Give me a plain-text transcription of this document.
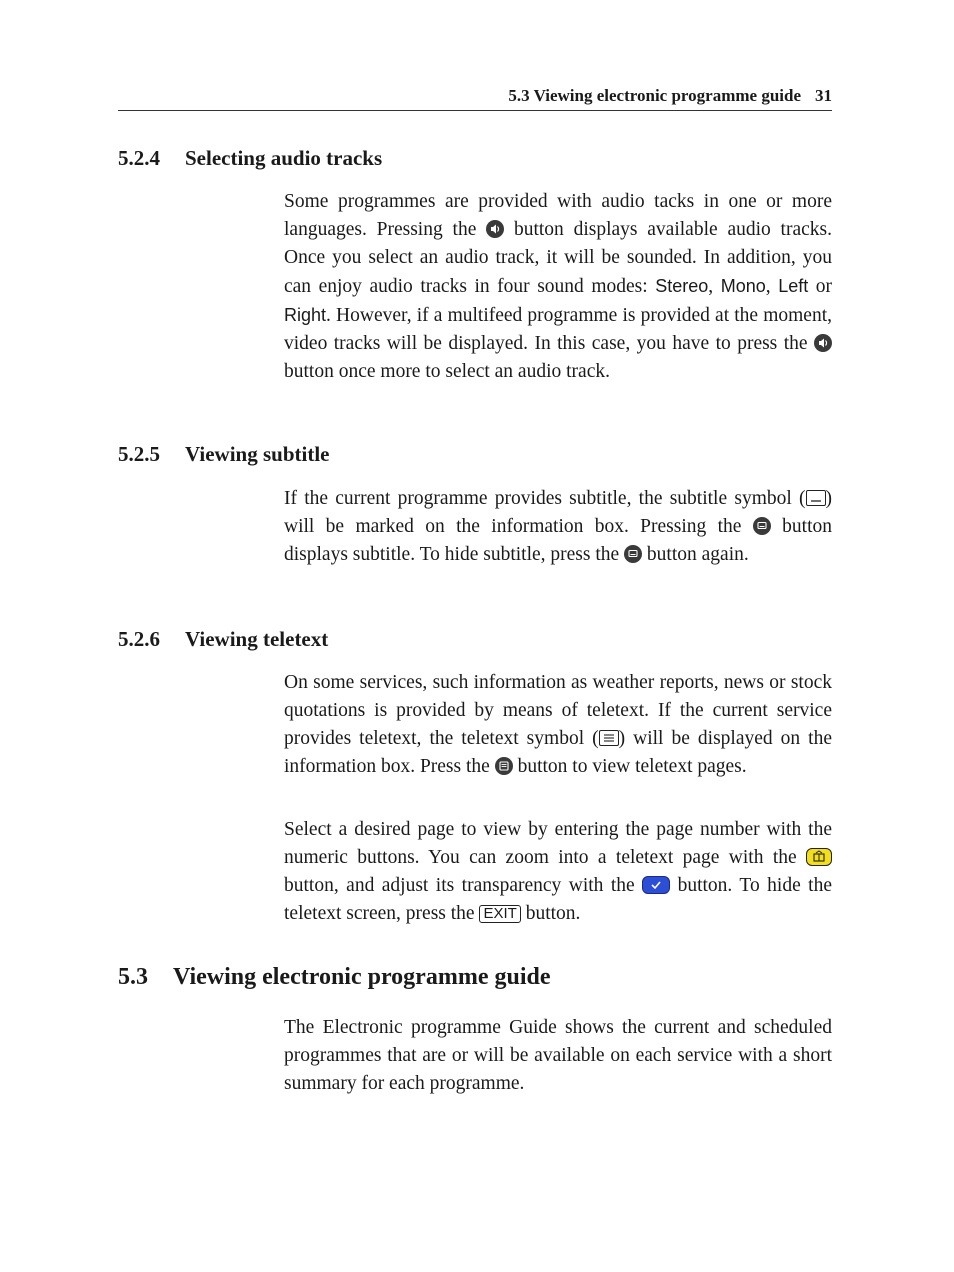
5.3 Viewing electronic programme guide 31
5.2.4 Selecting audio tracks

Some programmes are provided with audio tacks in one or more languages. Pressing the button displays available audio tracks. Once you select an audio track, it will be sounded. In addition, you can enjoy audio tracks in four sound modes: Stereo, Mono, Left or Right. However, if a multifeed programme is provided at the moment, video tracks will be displayed. In this case, you have to press the
button once more to select an audio track.

5.2.5 Viewing subtitle

If the current programme provides subtitle, the subtitle symbol ( ) will be marked on the information box. Pressing the button displays subtitle. To hide subtitle, press the button again.

5.2.6 Viewing teletext

On some services, such information as weather reports, news or stock quotations is provided by means of teletext. If the current service provides teletext, the teletext symbol ( ) will be displayed on the information box. Press the button to view teletext pages.

Select a desired page to view by entering the page number with the numeric buttons. You can zoom into a teletext page with the
button, and adjust its transparency with the button. To hide the teletext screen, press the EXIT button.

5.3 Viewing electronic programme guide

The Electronic programme Guide shows the current and scheduled programmes that are or will be available on each service with a short summary for each programme.
